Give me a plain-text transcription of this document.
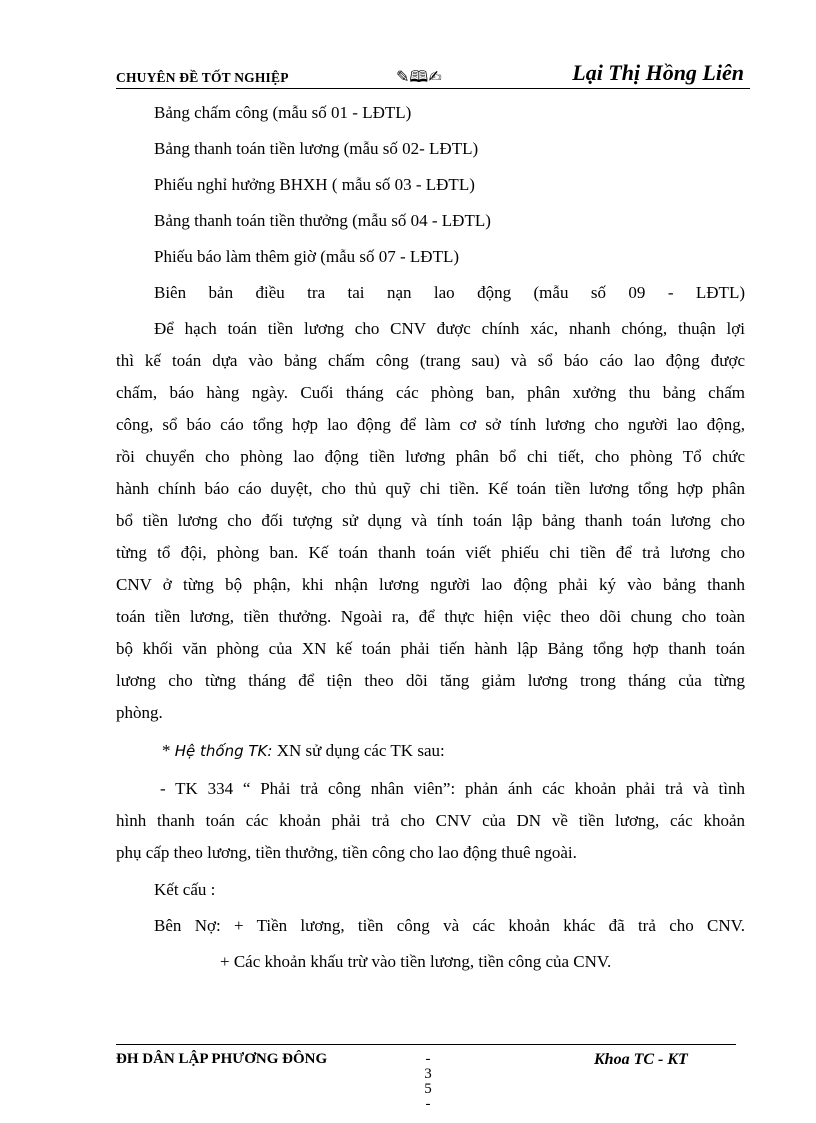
CHUYÊN ĐỀ TỐT NGHIỆP	✎🕮✍	Lại Thị Hồng Liên
Bảng chấm công (mẫu số 01 - LĐTL)
Bảng thanh toán tiền lương (mẫu số 02- LĐTL)
Phiếu nghỉ hưởng BHXH ( mẫu số 03 - LĐTL)
Bảng thanh toán tiền thưởng (mẫu số 04 - LĐTL)
Phiếu báo làm thêm giờ (mẫu số 07 - LĐTL)
Biên bản điều tra tai nạn lao động (mẫu số 09 - LĐTL)
Để hạch toán tiền lương cho CNV được chính xác, nhanh chóng, thuận lợi
thì kế toán dựa vào bảng chấm công (trang sau) và sổ báo cáo lao động được
chấm, báo hàng ngày. Cuối tháng các phòng ban, phân xưởng thu bảng chấm
công, sổ báo cáo tổng hợp lao động để làm cơ sở tính lương cho người lao động,
rồi chuyển cho phòng lao động tiền lương phân bổ chi tiết, cho phòng Tổ chức
hành chính báo cáo duyệt, cho thủ quỹ chi tiền. Kế toán tiền lương tổng hợp phân
bổ tiền lương cho đối tượng sử dụng và tính toán lập bảng thanh toán lương cho
từng tổ đội, phòng ban. Kế toán thanh toán viết phiếu chi tiền để trả lương cho
CNV ở từng bộ phận, khi nhận lương người lao động phải ký vào bảng thanh
toán tiền lương, tiền thưởng. Ngoài ra, để thực hiện việc theo dõi chung cho toàn
bộ khối văn phòng của XN kế toán phải tiến hành lập Bảng tổng hợp thanh toán
lương cho từng tháng để tiện theo dõi tăng giảm lương trong tháng của từng
phòng.
* Hệ thống TK: XN sử dụng các TK sau:
- TK 334 “ Phải trả công nhân viên”: phản ánh các khoản phải trả và tình
hình thanh toán các khoản phải trả cho CNV của DN về tiền lương, các khoản
phụ cấp theo lương, tiền thưởng, tiền công cho lao động thuê ngoài.
Kết cấu :
Bên Nợ: + Tiền lương, tiền công và các khoản khác đã trả cho CNV.
+ Các khoản khấu trừ vào tiền lương, tiền công của CNV.
ĐH DÂN LẬP PHƯƠNG ĐÔNG	Khoa TC - KT
-
3
5
-
